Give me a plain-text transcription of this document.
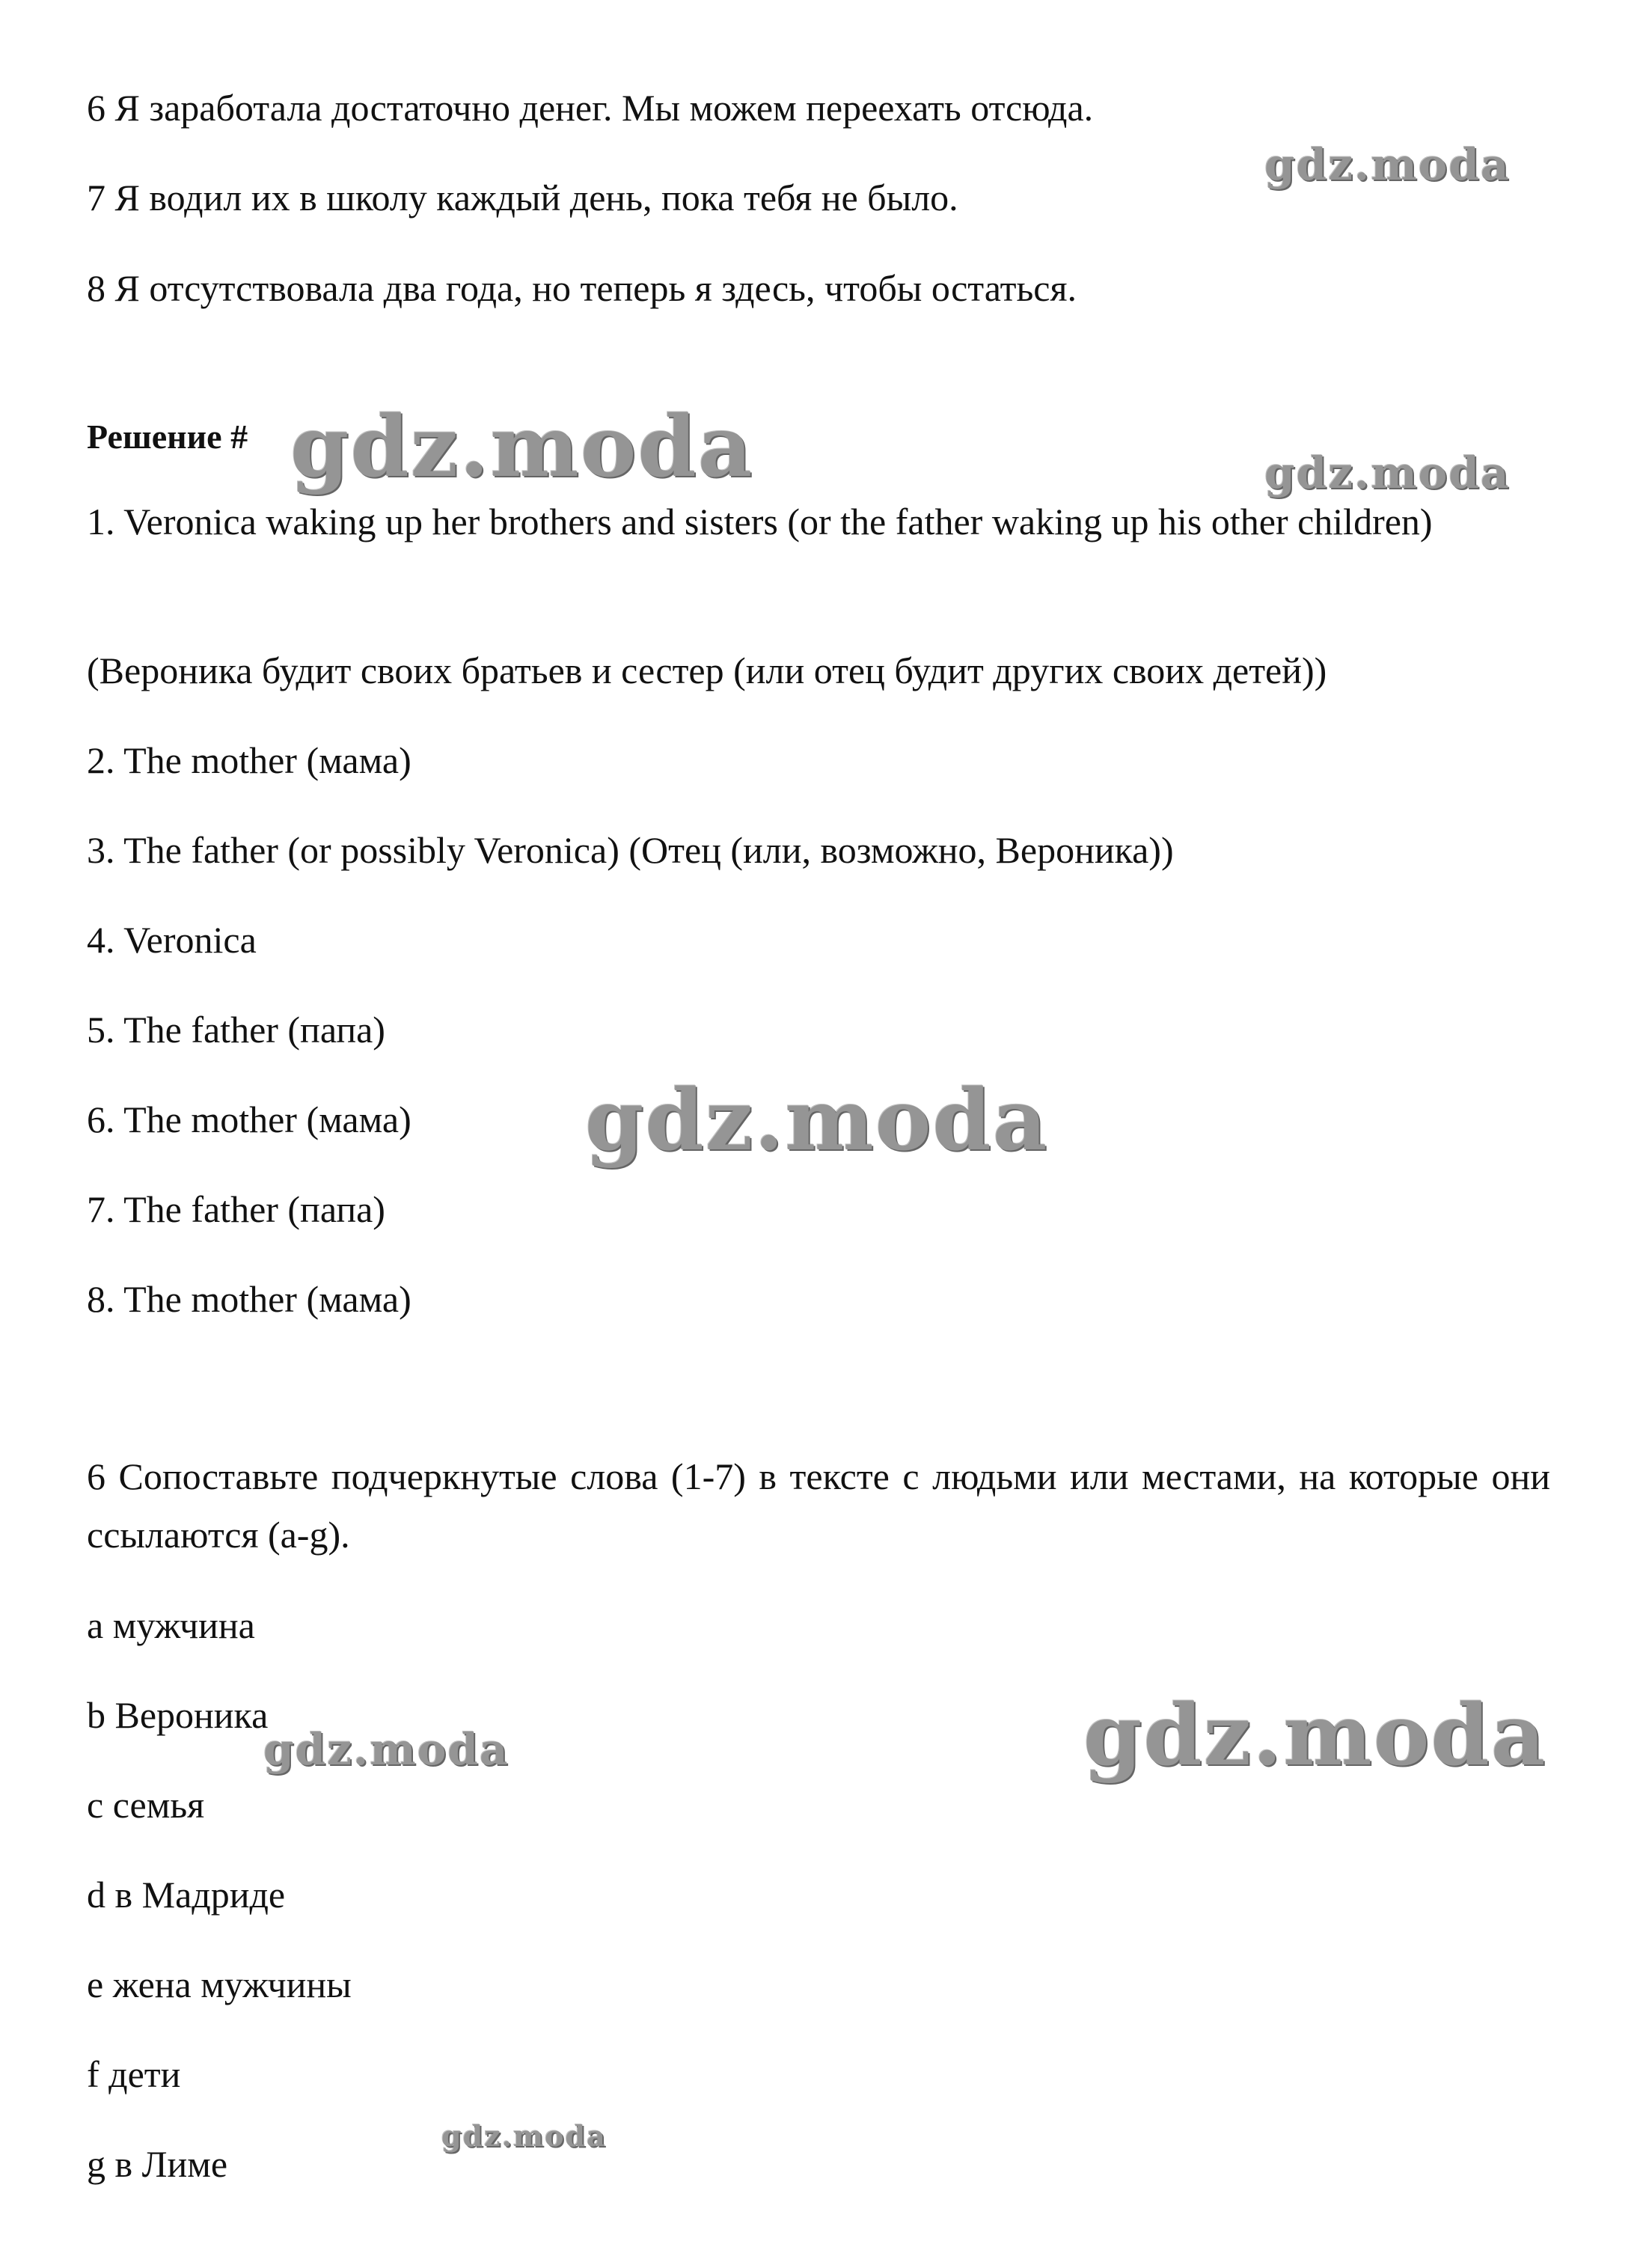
6 Я заработала достаточно денег. Мы можем переехать отсюда.

7 Я водил их в школу каждый день, пока тебя не было.

8 Я отсутствовала два года, но теперь я здесь, чтобы остаться.

Решение #

1. Veronica waking up her brothers and sisters (or the father waking up his other children)

(Вероника будит своих братьев и сестер (или отец будит других своих детей))

2. The mother (мама)

3. The father (or possibly Veronica) (Отец (или, возможно, Вероника))

4. Veronica

5. The father (папа)

6. The mother (мама)

7. The father (папа)

8. The mother (мама)

6 Сопоставьте подчеркнутые слова (1-7) в тексте с людьми или местами, на которые они ссылаются (a-g).

a мужчина

b Вероника

c семья

d в Мадриде

e жена мужчины

f дети

g в Лиме

gdz.moda
gdz.moda	gdz.moda
gdz.moda
gdz.moda
gdz.moda
gdz.moda
